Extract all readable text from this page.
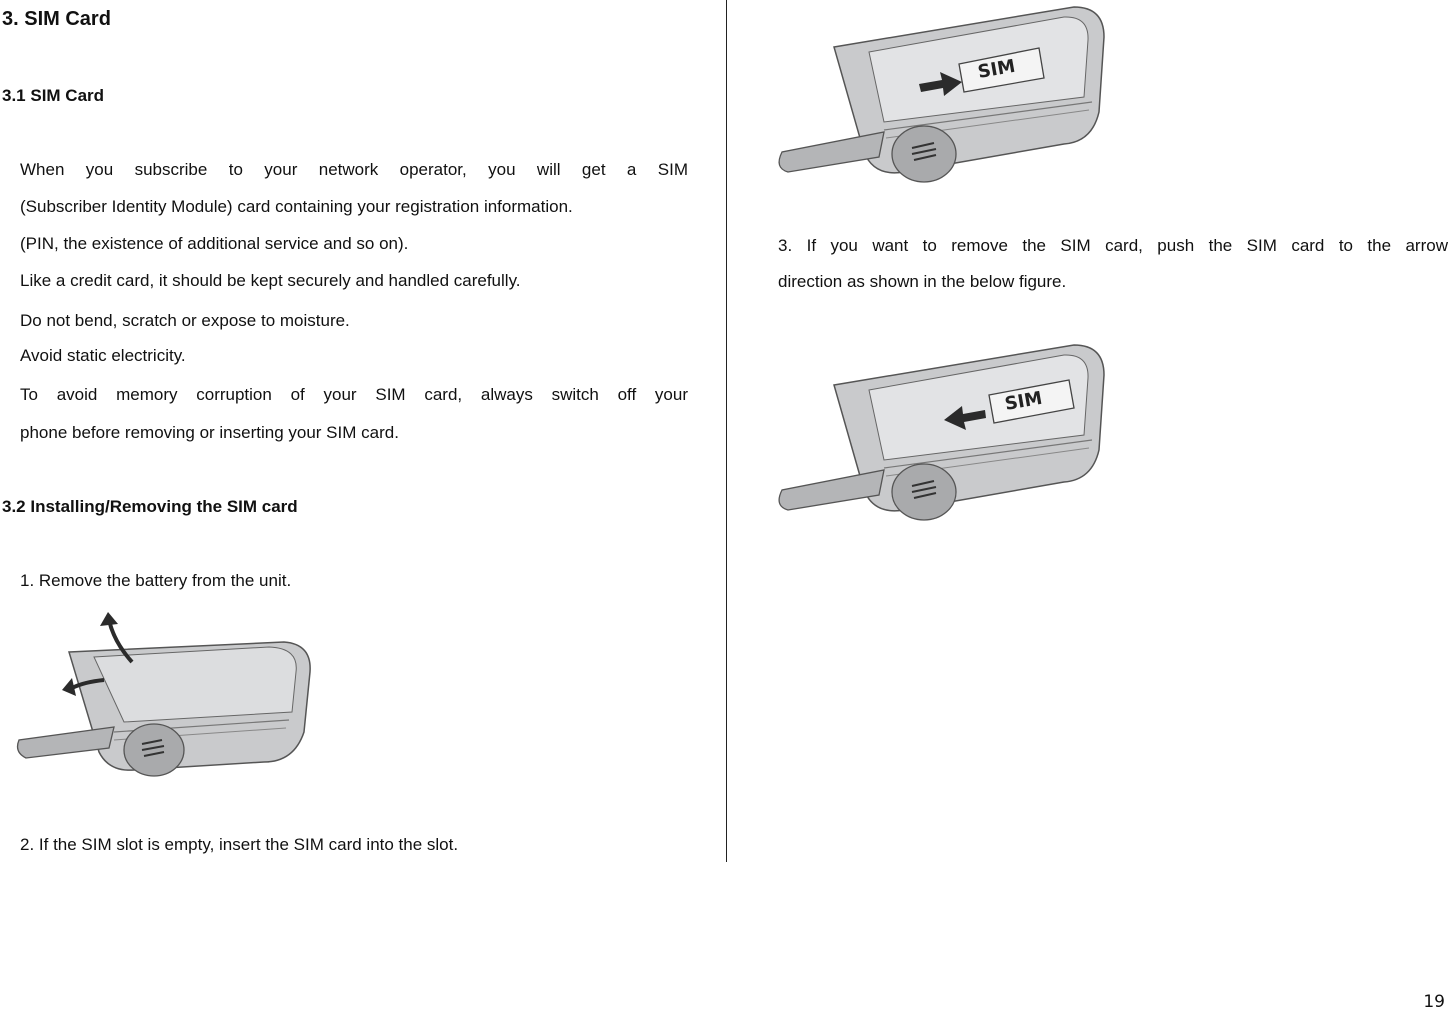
3. SIM Card
3.1 SIM Card

When you subscribe to your network operator, you will get a SIM

(Subscriber Identity Module) card containing your registration information.

(PIN, the existence of additional service and so on).

Like a credit card, it should be kept securely and handled carefully.

Do not bend, scratch or expose to moisture.

Avoid static electricity.

To avoid memory corruption of your SIM card, always switch off your

phone before removing or inserting your SIM card.

3.2 Installing/Removing the SIM card

1. Remove the battery from the unit.

2. If the SIM slot is empty, insert the SIM card into the slot.

SIM

3. If you want to remove the SIM card, push the SIM card to the arrow

direction as shown in the below figure.

SIM
19
